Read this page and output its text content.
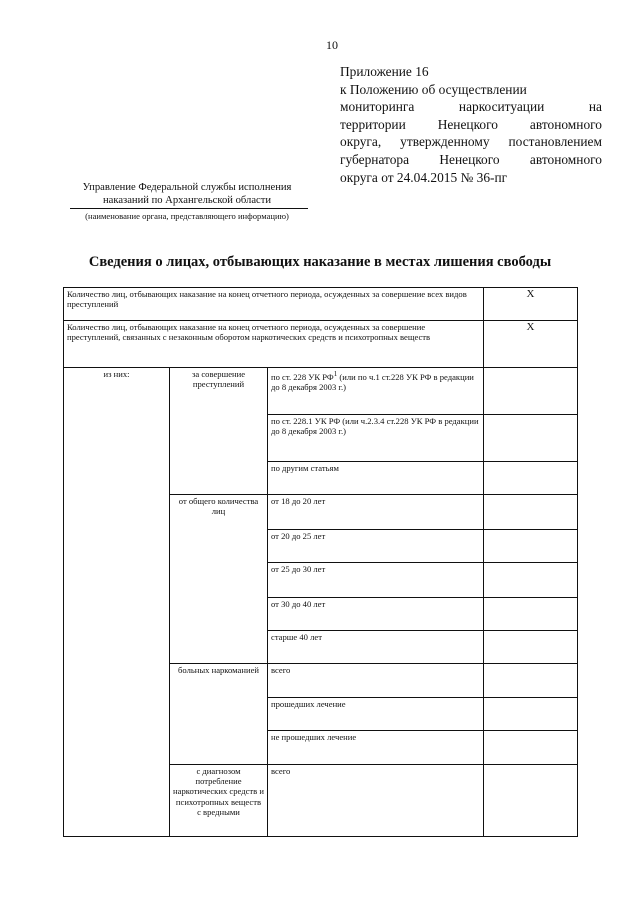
10
Приложение 16
к Положению об осуществлении
мониторинга	наркоситуации	на
территории Ненецкого автономного
округа, утвержденному постановлением
губернатора Ненецкого автономного
округа от 24.04.2015 № 36-пг
Управление Федеральной службы исполнения
наказаний по Архангельской области
(наименование органа, представляющего информацию)
Сведения о лицах, отбывающих наказание в местах лишения свободы
Количество лиц, отбывающих наказание на конец отчетного периода, осужденных за совершение всех видов преступлений			Х
Количество лиц, отбывающих наказание на конец отчетного периода, осужденных за совершение преступлений, связанных с незаконным оборотом наркотических средств и психотропных веществ			Х
из них:	за совершение преступлений	по ст. 228 УК $РФ^1$ (или по ч.1 ст.228 УК РФ в редакции до 8 декабря 2003 г.)	
		по ст. 228.1 УК РФ (или ч.2.3.4 ст.228 УК РФ в редакции до 8 декабря 2003 г.)	
		по другим статьям	
	от общего количества лиц	от 18 до 20 лет	
		от 20 до 25 лет	
		от 25 до 30 лет	
		от 30 до 40 лет	
		старше 40 лет	
	больных наркоманией	всего	
		прошедших лечение	
		не прошедших лечение	
	с диагнозом потребление наркотических средств и психотропных веществ с вредными	всего	
